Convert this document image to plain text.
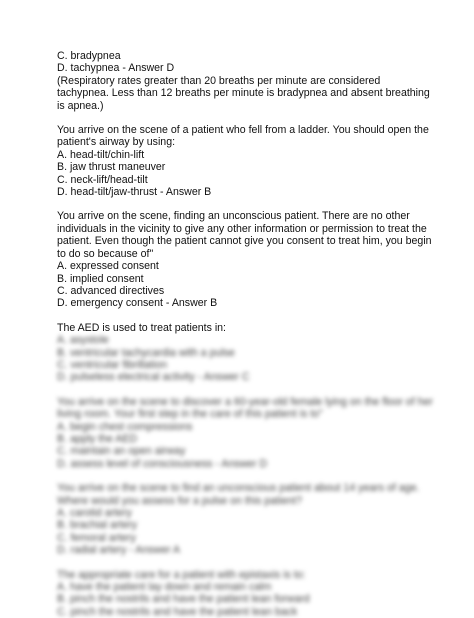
C. bradypnea
D. tachypnea - Answer D
(Respiratory rates greater than 20 breaths per minute are considered
tachypnea. Less than 12 breaths per minute is bradypnea and absent breathing
is apnea.)
You arrive on the scene of a patient who fell from a ladder. You should open the
patient's airway by using:
A. head-tilt/chin-lift
B. jaw thrust maneuver
C. neck-lift/head-tilt
D. head-tilt/jaw-thrust - Answer B
You arrive on the scene, finding an unconscious patient. There are no other
individuals in the vicinity to give any other information or permission to treat the
patient. Even though the patient cannot give you consent to treat him, you begin
to do so because of"
A. expressed consent
B. implied consent
C. advanced directives
D. emergency consent - Answer B
The AED is used to treat patients in:
A. asystole
B. ventricular tachycardia with a pulse
C. ventricular fibrillation
D. pulseless electrical activity - Answer C
You arrive on the scene to discover a 60-year-old female lying on the floor of her
living room. Your first step in the care of this patient is to"
A. begin chest compressions
B. apply the AED
C. maintain an open airway
D. assess level of consciousness - Answer D
You arrive on the scene to find an unconscious patient about 14 years of age.
Where would you assess for a pulse on this patient?
A. carotid artery
B. brachial artery
C. femoral artery
D. radial artery - Answer A
The appropriate care for a patient with epistaxis is to:
A. have the patient lay down and remain calm
B. pinch the nostrils and have the patient lean forward
C. pinch the nostrils and have the patient lean back
